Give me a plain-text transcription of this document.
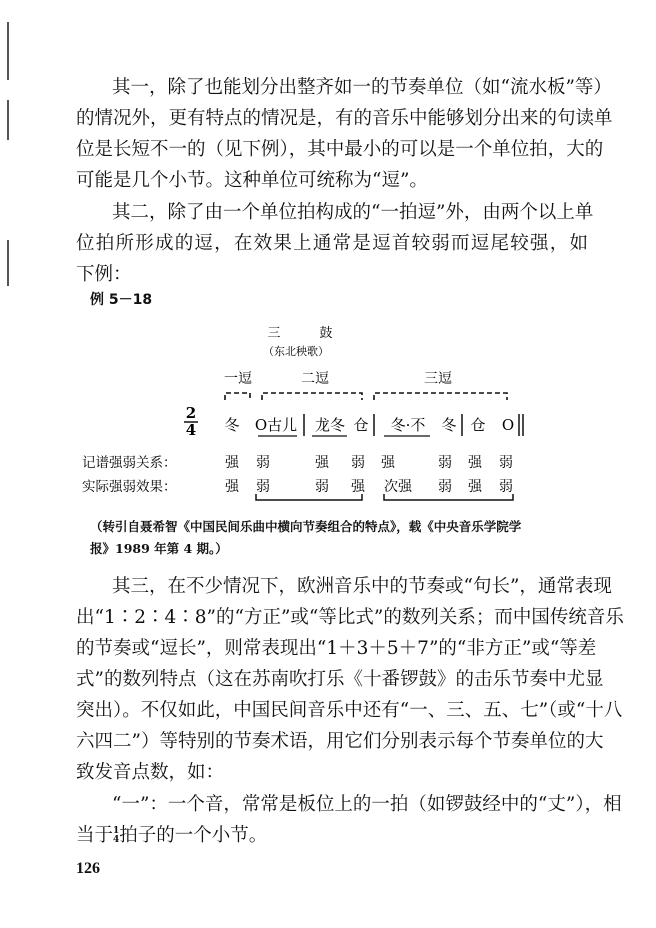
其一，除了也能划分出整齐如一的节奏单位（如“流水板”等）
的情况外，更有特点的情况是，有的音乐中能够划分出来的句读单
位是长短不一的（见下例），其中最小的可以是一个单位拍，大的
可能是几个小节。这种单位可统称为“逗”。

其二，除了由一个单位拍构成的“一拍逗”外，由两个以上单
位拍所形成的逗，在效果上通常是逗首较弱而逗尾较强，如
下例：

例 5－18
三　　　鼓
（东北秧歌）
一逗	二逗	三逗
2
4 冬 O古儿 龙冬 仓 冬·不 冬 仓 O
记谱强弱关系：	强 弱	强 弱 强	弱 强 弱
实际强弱效果：	强 弱	弱 强 次强 弱 强 弱
（转引自聂希智《中国民间乐曲中横向节奏组合的特点》，载《中央音乐学院学
报》1989 年第 4 期。）

其三，在不少情况下，欧洲音乐中的节奏或“句长”，通常表现
出“1∶2∶4∶8”的“方正”或“等比式”的数列关系；而中国传统音乐
的节奏或“逗长”，则常表现出“1＋3＋5＋7”的“非方正”或“等差
式”的数列特点（这在苏南吹打乐《十番锣鼓》的击乐节奏中尤显
突出）。不仅如此，中国民间音乐中还有“一、三、五、七”（或“十八
六四二”）等特别的节奏术语，用它们分别表示每个节奏单位的大
致发音点数，如：

“一”：一个音，常常是板位上的一拍（如锣鼓经中的“丈”），相
当于 1
4 拍子的一个小节。

126
